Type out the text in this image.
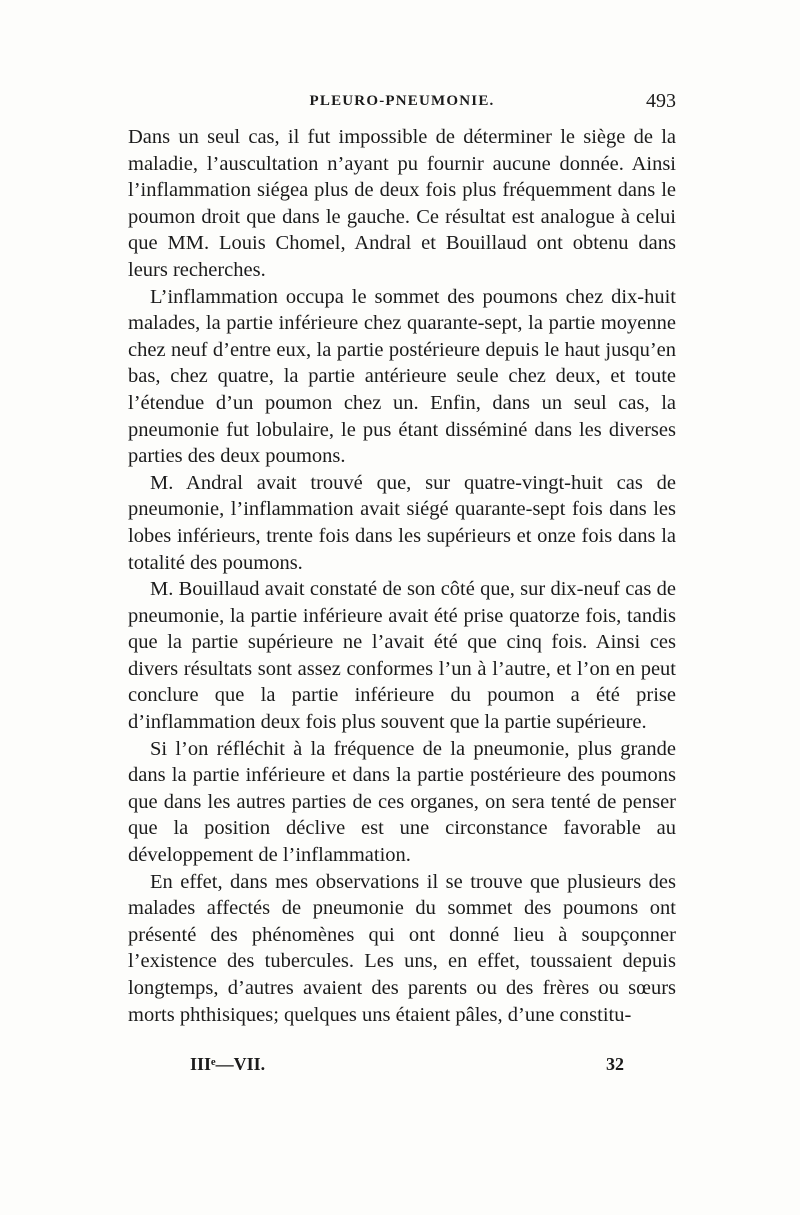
PLEURO-PNEUMONIE.	493

Dans un seul cas, il fut impossible de déterminer le siège de la maladie, l’auscultation n’ayant pu fournir aucune donnée. Ainsi l’inflammation siégea plus de deux fois plus fréquemment dans le poumon droit que dans le gauche. Ce résultat est analogue à celui que MM. Louis Chomel, Andral et Bouillaud ont obtenu dans leurs recherches.

L’inflammation occupa le sommet des poumons chez dix-huit malades, la partie inférieure chez quarante-sept, la partie moyenne chez neuf d’entre eux, la partie postérieure depuis le haut jusqu’en bas, chez quatre, la partie antérieure seule chez deux, et toute l’étendue d’un poumon chez un. Enfin, dans un seul cas, la pneumonie fut lobulaire, le pus étant disséminé dans les diverses parties des deux poumons.

M. Andral avait trouvé que, sur quatre-vingt-huit cas de pneumonie, l’inflammation avait siégé quarante-sept fois dans les lobes inférieurs, trente fois dans les supérieurs et onze fois dans la totalité des poumons.

M. Bouillaud avait constaté de son côté que, sur dix-neuf cas de pneumonie, la partie inférieure avait été prise quatorze fois, tandis que la partie supérieure ne l’avait été que cinq fois. Ainsi ces divers résultats sont assez conformes l’un à l’autre, et l’on en peut conclure que la partie inférieure du poumon a été prise d’inflammation deux fois plus souvent que la partie supérieure.

Si l’on réfléchit à la fréquence de la pneumonie, plus grande dans la partie inférieure et dans la partie postérieure des poumons que dans les autres parties de ces organes, on sera tenté de penser que la position déclive est une circonstance favorable au développement de l’inflammation.

En effet, dans mes observations il se trouve que plusieurs des malades affectés de pneumonie du sommet des poumons ont présenté des phénomènes qui ont donné lieu à soupçonner l’existence des tubercules. Les uns, en effet, toussaient depuis longtemps, d’autres avaient des parents ou des frères ou sœurs morts phthisiques; quelques uns étaient pâles, d’une constitu-

IIIᵉ—VII.	32
